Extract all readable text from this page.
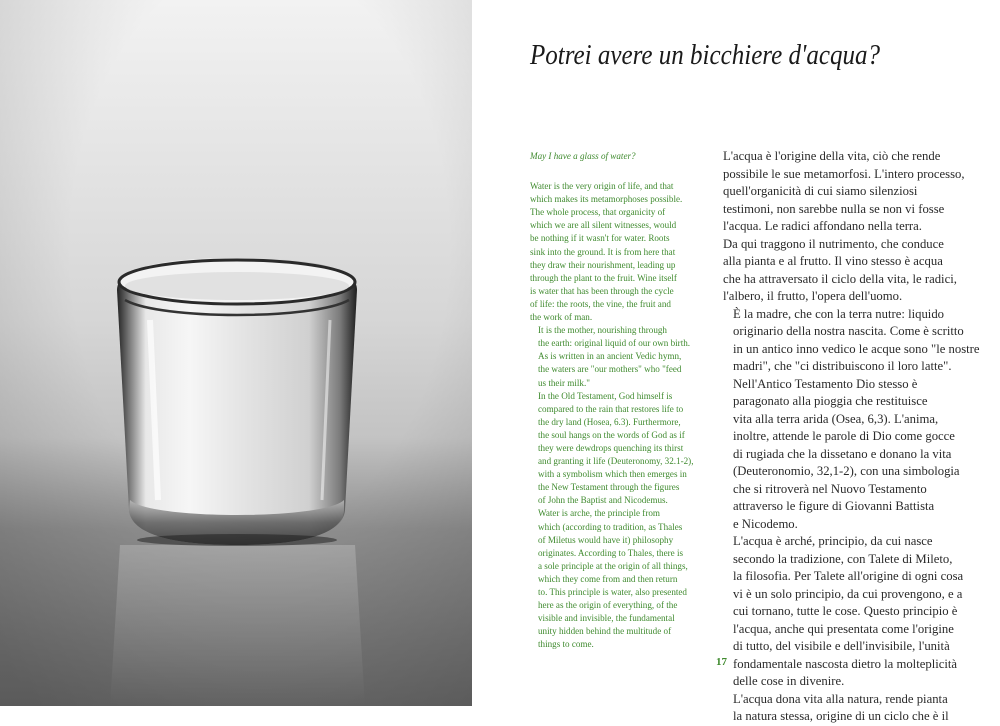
Potrei avere un bicchiere d'acqua?
May I have a glass of water?

Water is the very origin of life, and that
which makes its metamorphoses possible.
The whole process, that organicity of
which we are all silent witnesses, would
be nothing if it wasn't for water. Roots
sink into the ground. It is from here that
they draw their nourishment, leading up
through the plant to the fruit. Wine itself
is water that has been through the cycle
of life: the roots, the vine, the fruit and
the work of man.

It is the mother, nourishing through
the earth: original liquid of our own birth.
As is written in an ancient Vedic hymn,
the waters are "our mothers" who "feed
us their milk."

In the Old Testament, God himself is
compared to the rain that restores life to
the dry land (Hosea, 6.3). Furthermore,
the soul hangs on the words of God as if
they were dewdrops quenching its thirst
and granting it life (Deuteronomy, 32.1-2),
with a symbolism which then emerges in
the New Testament through the figures
of John the Baptist and Nicodemus.

Water is arche, the principle from
which (according to tradition, as Thales
of Miletus would have it) philosophy
originates. According to Thales, there is
a sole principle at the origin of all things,
which they come from and then return
to. This principle is water, also presented
here as the origin of everything, of the
visible and invisible, the fundamental
unity hidden behind the multitude of
things to come.

L'acqua è l'origine della vita, ciò che rende
possibile le sue metamorfosi. L'intero processo,
quell'organicità di cui siamo silenziosi
testimoni, non sarebbe nulla se non vi fosse
l'acqua. Le radici affondano nella terra.
Da qui traggono il nutrimento, che conduce
alla pianta e al frutto. Il vino stesso è acqua
che ha attraversato il ciclo della vita, le radici,
l'albero, il frutto, l'opera dell'uomo.

È la madre, che con la terra nutre: liquido
originario della nostra nascita. Come è scritto
in un antico inno vedico le acque sono "le nostre
madri", che "ci distribuiscono il loro latte".

Nell'Antico Testamento Dio stesso è
paragonato alla pioggia che restituisce
vita alla terra arida (Osea, 6,3). L'anima,
inoltre, attende le parole di Dio come gocce
di rugiada che la dissetano e donano la vita
(Deuteronomio, 32,1-2), con una simbologia
che si ritroverà nel Nuovo Testamento
attraverso le figure di Giovanni Battista
e Nicodemo.

L'acqua è arché, principio, da cui nasce
secondo la tradizione, con Talete di Mileto,
la filosofia. Per Talete all'origine di ogni cosa
vi è un solo principio, da cui provengono, e a
cui tornano, tutte le cose. Questo principio è
l'acqua, anche qui presentata come l'origine
di tutto, del visibile e dell'invisibile, l'unità
fondamentale nascosta dietro la molteplicità
delle cose in divenire.

L'acqua dona vita alla natura, rende pianta
la natura stessa, origine di un ciclo che è il

17
